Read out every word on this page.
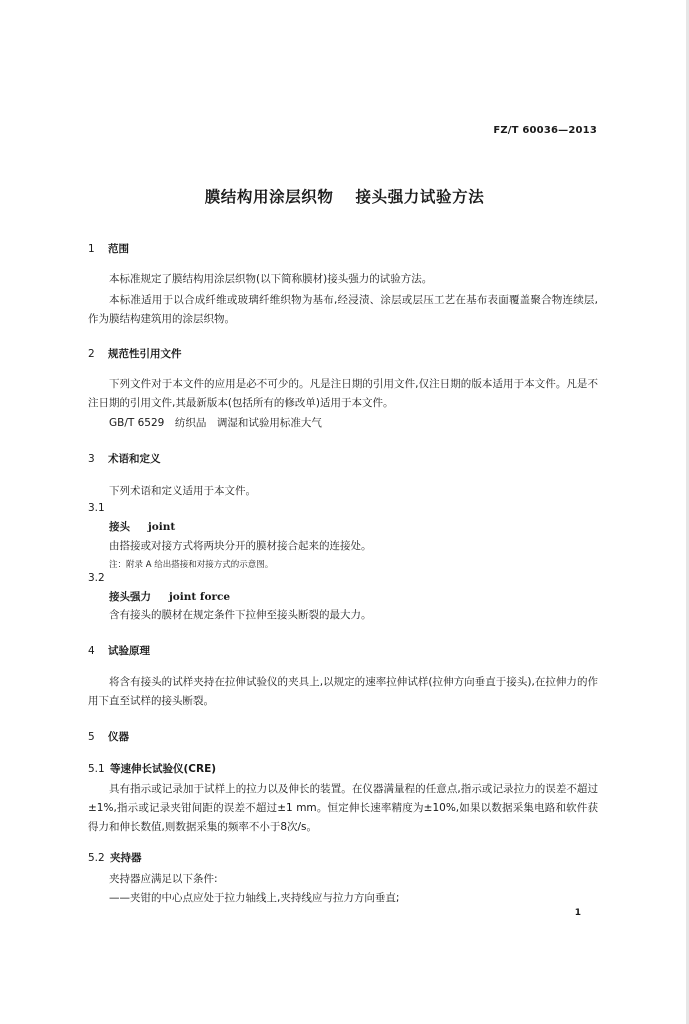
FZ/T 60036—2013
膜结构用涂层织物 接头强力试验方法
1 范围
本标准规定了膜结构用涂层织物(以下简称膜材)接头强力的试验方法。
本标准适用于以合成纤维或玻璃纤维织物为基布,经浸渍、涂层或层压工艺在基布表面覆盖聚合物连续层,作为膜结构建筑用的涂层织物。
2 规范性引用文件
下列文件对于本文件的应用是必不可少的。凡是注日期的引用文件,仅注日期的版本适用于本文件。凡是不注日期的引用文件,其最新版本(包括所有的修改单)适用于本文件。
GB/T 6529　纺织品　调湿和试验用标准大气
3 术语和定义
下列术语和定义适用于本文件。
3.1
接头 joint
由搭接或对接方式将两块分开的膜材接合起来的连接处。
注：附录 A 给出搭接和对接方式的示意图。
3.2
接头强力 joint force
含有接头的膜材在规定条件下拉伸至接头断裂的最大力。
4 试验原理
将含有接头的试样夹持在拉伸试验仪的夹具上,以规定的速率拉伸试样(拉伸方向垂直于接头),在拉伸力的作用下直至试样的接头断裂。
5 仪器
5.1 等速伸长试验仪(CRE)
具有指示或记录加于试样上的拉力以及伸长的装置。在仪器满量程的任意点,指示或记录拉力的误差不超过±1%,指示或记录夹钳间距的误差不超过±1 mm。恒定伸长速率精度为±10%,如果以数据采集电路和软件获得力和伸长数值,则数据采集的频率不小于8次/s。
5.2 夹持器
夹持器应满足以下条件:
——夹钳的中心点应处于拉力轴线上,夹持线应与拉力方向垂直;
1
